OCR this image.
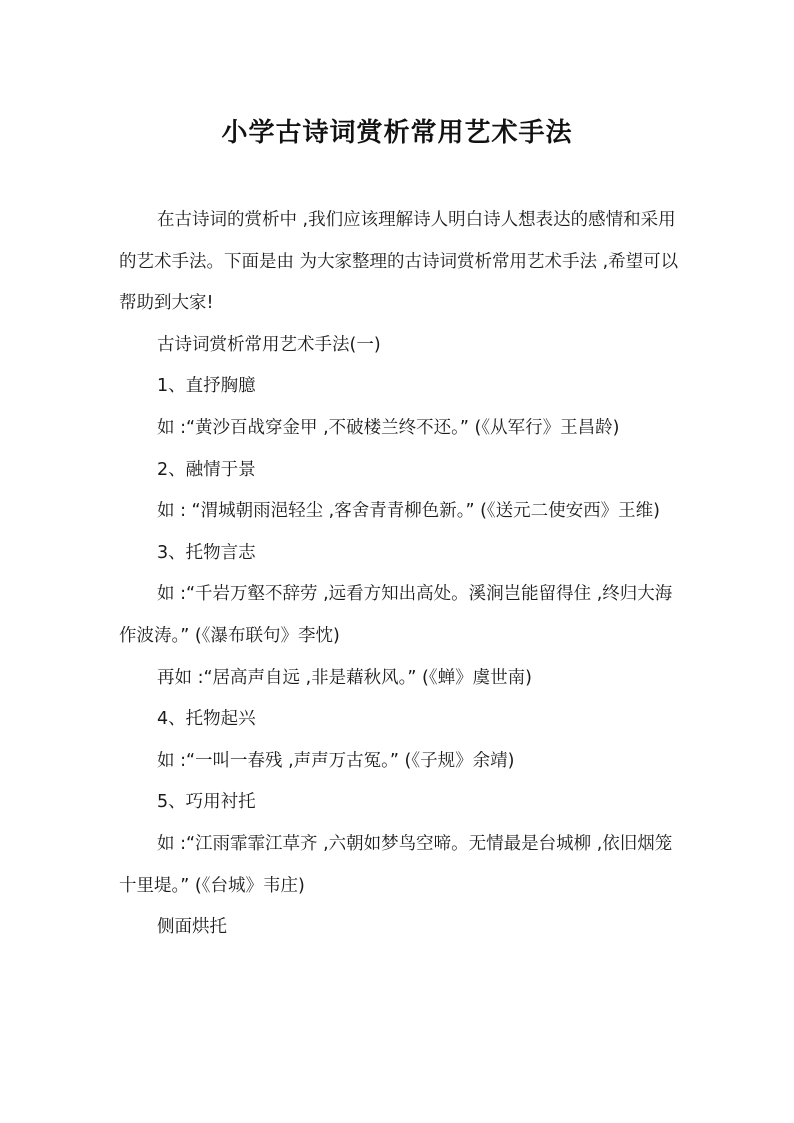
小学古诗词赏析常用艺术手法

在古诗词的赏析中 ,我们应该理解诗人明白诗人想表达的感情和采用的艺术手法。下面是由 为大家整理的古诗词赏析常用艺术手法 ,希望可以帮助到大家!

古诗词赏析常用艺术手法(一)

1、直抒胸臆

如 :“黄沙百战穿金甲 ,不破楼兰终不还。” (《从军行》王昌龄)

2、融情于景

如 : “渭城朝雨浥轻尘 ,客舍青青柳色新。” (《送元二使安西》王维)

3、托物言志

如 :“千岩万壑不辞劳 ,远看方知出高处。溪涧岂能留得住 ,终归大海作波涛。” (《瀑布联句》李忱)

再如 :“居高声自远 ,非是藉秋风。” (《蝉》虞世南)

4、托物起兴

如 :“一叫一春残 ,声声万古冤。” (《子规》余靖)

5、巧用衬托

如 :“江雨霏霏江草齐 ,六朝如梦鸟空啼。无情最是台城柳 ,依旧烟笼十里堤。” (《台城》韦庄)

侧面烘托
